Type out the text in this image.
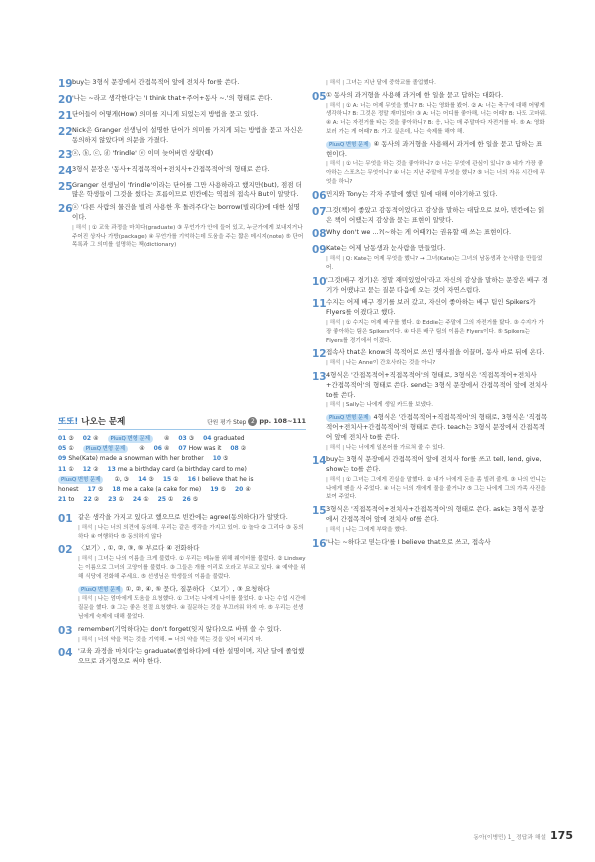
19 buy는 3형식 문장에서 간접목적어 앞에 전치사 for를 쓴다.
20 '나는 ~라고 생각한다'는 'I think that+주어+동사 ~.'의 형태로 쓴다.
21 단어들이 어떻게(How) 의미를 지니게 되었는지 방법을 묻고 있다.
22 Nick은 Granger 선생님이 설명한 단어가 의미를 가지게 되는 방법을 묻고 자신은 동의하지 않았다며 의문을 가졌다.
23 ⓐ, ⓑ, ⓒ, ⓓ 'frindle' ⓔ 이미 늦어버린 상황(때)
24 3형식 문장은 '동사+직접목적어+전치사+간접목적어'의 형태로 쓴다.
25 Granger 선생님이 'frindle'이라는 단어를 그만 사용하라고 했지만(but), 점점 더 많은 학생들이 그것을 썼다는 흐름이므로 빈칸에는 역접의 접속사 But이 알맞다.
26 ⓐ '다른 사람의 물건을 빌려 사용한 후 돌려주다'는 borrow(빌리다)에 대한 설명이다.
| 해석 | ① 교육 과정을 마치다(graduate) ③ 무언가가 안에 들어 있고, 누군가에게 보내지거나 주어진 상자나 가방(package) ④ 무언가를 기억하는데 도움을 주는 짧은 메시지(note) ⑤ 단어 목록과 그 의미를 설명하는 책(dictionary)
또또! 나오는 문제	단원 평가 Step 2 pp. 108~111
01 ③ 02 ④ PlusQ 변형 문제 ④ 03 ③ 04 graduated
05 ① PlusQ 변형 문제 ④ 06 ④ 07 How was it 08 ②
09 She(Kate) made a snowman with her brother 10 ⑤
11 ① 12 ② 13 me a birthday card (a birthday card to me)
PlusQ 변형 문제 ①, ③ 14 ③ 15 ① 16 I believe that he is
honest 17 ⑤ 18 me a cake (a cake for me) 19 ⑤ 20 ④
21 to 22 ② 23 ① 24 ① 25 ① 26 ⑤
01 같은 생각을 가지고 있다고 했으므로 빈칸에는 agree(동의하다)가 알맞다.
| 해석 | 나는 너의 의견에 동의해. 우리는 같은 생각을 가지고 있어. ① 놀다 ② 그리다 ③ 동의하다 ④ 여행하다 ⑤ 동의하지 않다
02 〈보기〉, ①, ②, ③, ⑤ 부르다 ④ 전화하다
| 해석 | 그녀는 나의 이름을 크게 불렀다. ① 우리는 메뉴를 위해 웨이터를 불렀다. ② Lindsey는 이름으로 그녀의 고양이를 불렀다. ③ 그들은 개를 이리로 오라고 부르고 있다. ④ 예약을 위해 식당에 전화해 주세요. ⑤ 선생님은 학생들의 이름을 불렀다.
PlusQ 변형 문제 ①, ②, ④, ⑤ 묻다, 질문하다 〈보기〉, ③ 요청하다
| 해석 | 나는 엄마에게 도움을 요청했다. ① 그녀는 나에게 나이를 물었다. ② 나는 수업 시간에 질문을 했다. ③ 그는 좋은 친절 요청했다. ④ 질문하는 것을 부끄러워 하지 마. ⑤ 우리는 선생님에게 숙제에 대해 물었다.
03 remember(기억하다)는 don't forget(잊지 않다)으로 바꿔 쓸 수 있다.
| 해석 | 너의 약을 먹는 것을 기억해. = 너의 약을 먹는 것을 잊어 버리지 마.
04 '교육 과정을 마치다'는 graduate(졸업하다)에 대한 설명이며, 지난 달에 졸업했으므로 과거형으로 써야 한다.
| 해석 | 그녀는 지난 달에 중학교를 졸업했다.
05 ① 동사의 과거형을 사용해 과거에 한 일을 묻고 답하는 대화다.
| 해석 | ① A: 너는 어제 무엇을 했니? B: 나는 영화를 봤어. ② A: 너는 축구에 대해 어떻게 생각하니? B: 그것은 정말 재미있어! ③ A: 너는 어디를 좋아해, 너는 어때? B: 나도 고마워. ④ A: 너는 자전거를 타는 것을 좋아하니? B: 응, 나는 매 주말마다 자전거를 타. ⑤ A: 영화 보러 가는 게 어때? B: 가고 싶은데, 나는 숙제를 해야 해.
PlusQ 변형 문제 ④ 동사의 과거형을 사용해서 과거에 한 일을 묻고 답하는 표현이다.
| 해석 | ① 너는 무엇을 하는 것을 좋아하니? ② 너는 무엇에 관심이 있니? ③ 네가 가장 좋아하는 스포츠는 무엇이니? ④ 너는 지난 주말에 무엇을 했니? ⑤ 너는 너의 자유 시간에 무엇을 하니?
06 민지와 Tony는 각자 주말에 했던 일에 대해 이야기하고 있다.
07 그것(책)이 좋았고 감동적이었다고 감상을 말하는 대답으로 보아, 빈칸에는 읽은 책이 어땠는지 감상을 묻는 표현이 알맞다.
08 Why don't we ...?(~하는 게 어때?)는 권유할 때 쓰는 표현이다.
09 Kate는 어제 남동생과 눈사람을 만들었다.
| 해석 | Q: Kate는 어제 무엇을 했니? → 그녀(Kate)는 그녀의 남동생과 눈사람을 만들었어.
10 '그것(배구 경기)은 정말 재미있었어'라고 자신의 감상을 말하는 문장은 배구 경기가 어땠냐고 묻는 질문 다음에 오는 것이 자연스럽다.
11 수지는 어제 배구 경기를 보러 갔고, 자신이 좋아하는 배구 팀인 Spikers가 Flyers를 이겼다고 했다.
| 해석 | ① 수지는 어제 배구를 했다. ② Eddie는 주말에 그의 자전거를 탔다. ③ 수지가 가장 좋아하는 팀은 Spikers이다. ④ 다른 배구 팀의 이름은 Flyers이다. ⑤ Spikers는 Flyers를 경기에서 이겼다.
12 접속사 that은 know의 목적어로 쓰인 명사절을 이끌며, 동사 바로 뒤에 온다.
| 해석 | 나는 Anne이 간호사라는 것을 아니?
13 4형식은 '간접목적어+직접목적어'의 형태로, 3형식은 '직접목적어+전치사+간접목적어'의 형태로 쓴다. send는 3형식 문장에서 간접목적어 앞에 전치사 to를 쓴다.
| 해석 | Sally는 나에게 생일 카드를 보냈다.
PlusQ 변형 문제 4형식은 '간접목적어+직접목적어'의 형태로, 3형식은 '직접목적어+전치사+간접목적어'의 형태로 쓴다. teach는 3형식 문장에서 간접목적어 앞에 전치사 to를 쓴다.
| 해석 | 나는 너에게 일본어를 가르쳐 줄 수 있다.
14 buy는 3형식 문장에서 간접목적어 앞에 전치사 for를 쓰고 tell, lend, give, show는 to를 쓴다.
| 해석 | ① 그녀는 그에게 진실을 말했다. ② 내가 너에게 돈을 좀 빌려 줄게. ③ 나의 언니는 나에게 펜을 사 주었다. ④ 너는 너의 개에게 물을 줄거니? ⑤ 그는 나에게 그의 가족 사진을 보여 주었다.
15 3형식은 '직접목적어+전치사+간접목적어'의 형태로 쓴다. ask는 3형식 문장에서 간접목적어 앞에 전치사 of를 쓴다.
| 해석 | 나는 그에게 부탁을 했다.
16 '나는 ~하다고 믿는다'를 I believe that으로 쓰고, 접속사
동아(이병민) 1_ 정답과 해설 175
